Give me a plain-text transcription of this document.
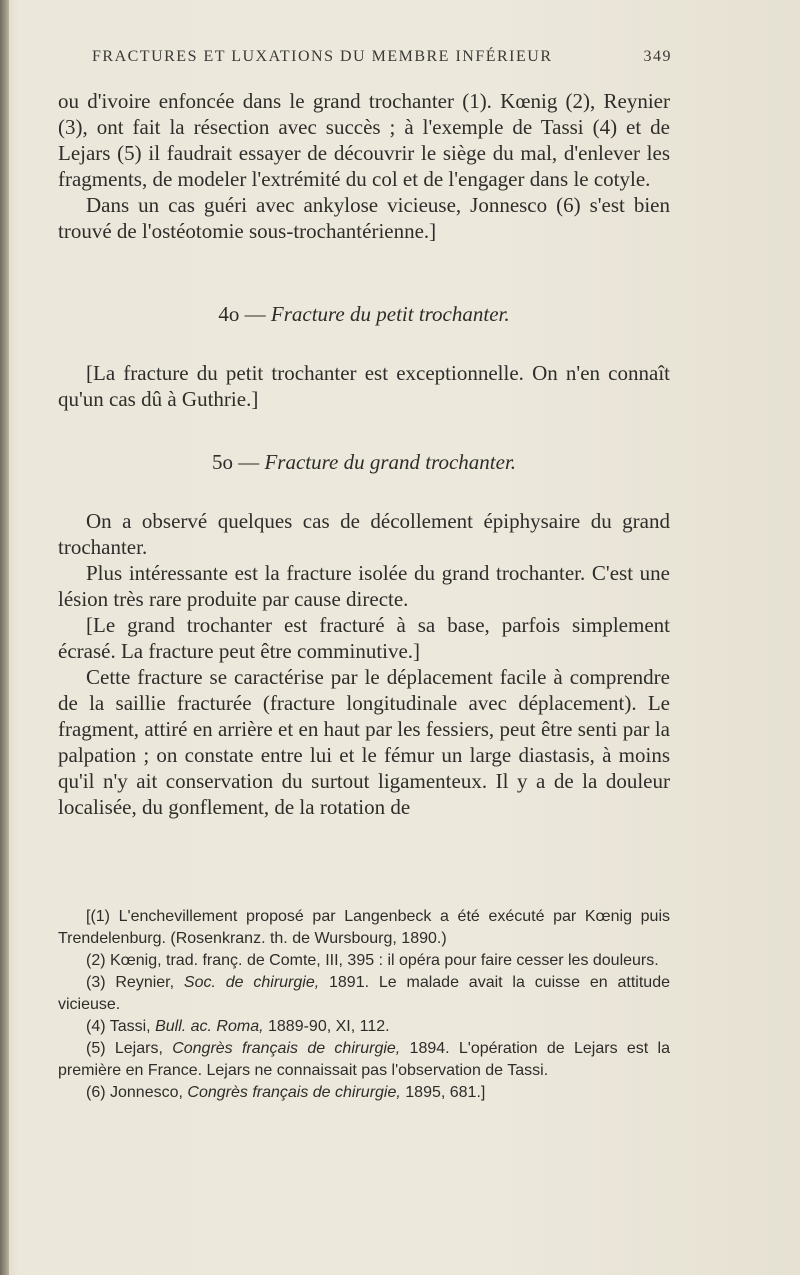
FRACTURES ET LUXATIONS DU MEMBRE INFÉRIEUR	349

ou d'ivoire enfoncée dans le grand trochanter (1). Kœnig (2), Reynier (3), ont fait la résection avec succès ; à l'exemple de Tassi (4) et de Lejars (5) il faudrait essayer de découvrir le siège du mal, d'enlever les fragments, de modeler l'extrémité du col et de l'engager dans le cotyle.

Dans un cas guéri avec ankylose vicieuse, Jonnesco (6) s'est bien trouvé de l'ostéotomie sous-trochantérienne.]

4o — Fracture du petit trochanter.

[La fracture du petit trochanter est exceptionnelle. On n'en connaît qu'un cas dû à Guthrie.]

5o — Fracture du grand trochanter.

On a observé quelques cas de décollement épiphysaire du grand trochanter.

Plus intéressante est la fracture isolée du grand trochanter. C'est une lésion très rare produite par cause directe.

[Le grand trochanter est fracturé à sa base, parfois simplement écrasé. La fracture peut être comminutive.]

Cette fracture se caractérise par le déplacement facile à comprendre de la saillie fracturée (fracture longitudinale avec déplacement). Le fragment, attiré en arrière et en haut par les fessiers, peut être senti par la palpation ; on constate entre lui et le fémur un large diastasis, à moins qu'il n'y ait conservation du surtout ligamenteux. Il y a de la douleur localisée, du gonflement, de la rotation de

[(1) L'enchevillement proposé par Langenbeck a été exécuté par Kœnig puis Trendelenburg. (Rosenkranz. th. de Wursbourg, 1890.)

(2) Kœnig, trad. franç. de Comte, III, 395 : il opéra pour faire cesser les douleurs.

(3) Reynier, Soc. de chirurgie, 1891. Le malade avait la cuisse en attitude vicieuse.

(4) Tassi, Bull. ac. Roma, 1889-90, XI, 112.

(5) Lejars, Congrès français de chirurgie, 1894. L'opération de Lejars est la première en France. Lejars ne connaissait pas l'observation de Tassi.

(6) Jonnesco, Congrès français de chirurgie, 1895, 681.]
